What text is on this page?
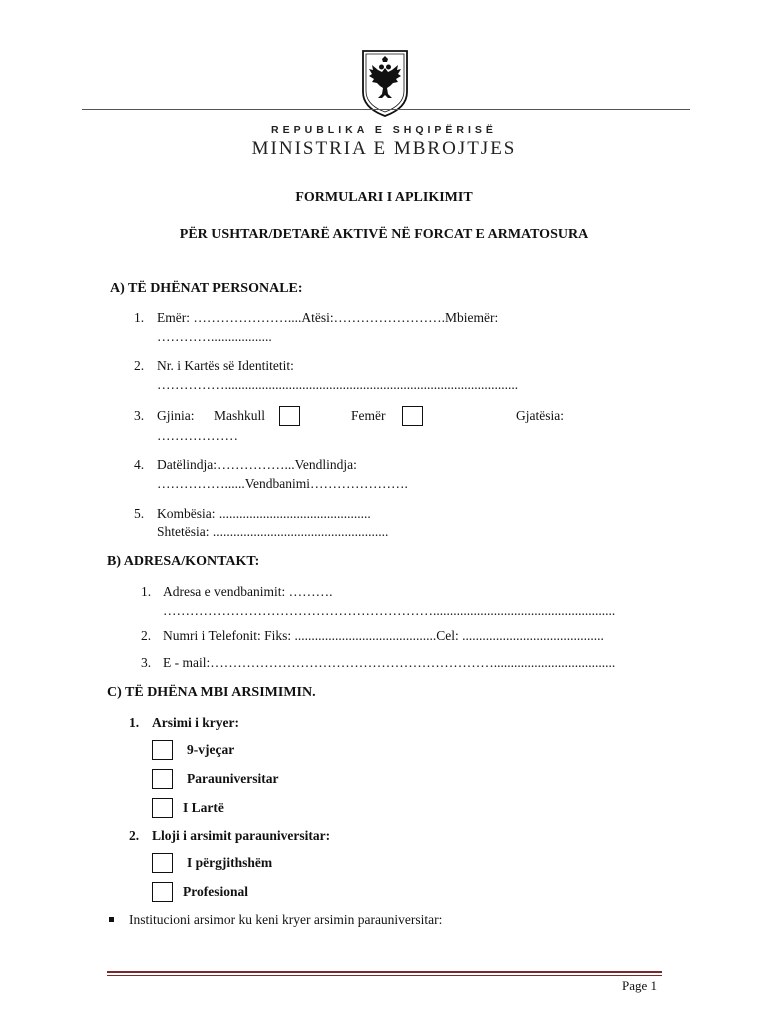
REPUBLIKA E SHQIPËRISË
MINISTRIA E MBROJTJES
FORMULARI I APLIKIMIT
PËR USHTAR/DETARË AKTIVË NË FORCAT E ARMATOSURA
A) TË DHËNAT PERSONALE:
1. Emër: …………………....Atësi:…………………….Mbiemër:
…………..................
2. Nr. i Kartës së Identitetit:
…………….......................................................................................
3. Gjinia: Mashkull	Femër	Gjatësia:
………………
4. Datëlindja:……………...Vendlindja:
……………......Vendbanimi………………….
5. Kombësia: .............................................
Shtetësia: ....................................................
B) ADRESA/KONTAKT:
1. Adresa e vendbanimit: ……….
……………………………………………………......................................................
2. Numri i Telefonit: Fiks: ..........................................Cel: ..........................................
3. E - mail:………………………………………………………....................................
C) TË DHËNA MBI ARSIMIMIN.
1. Arsimi i kryer:
9-vjeçar
Parauniversitar
I Lartë
2. Lloji i arsimit parauniversitar:
I përgjithshëm
Profesional
Institucioni arsimor ku keni kryer arsimin parauniversitar:
Page 1
